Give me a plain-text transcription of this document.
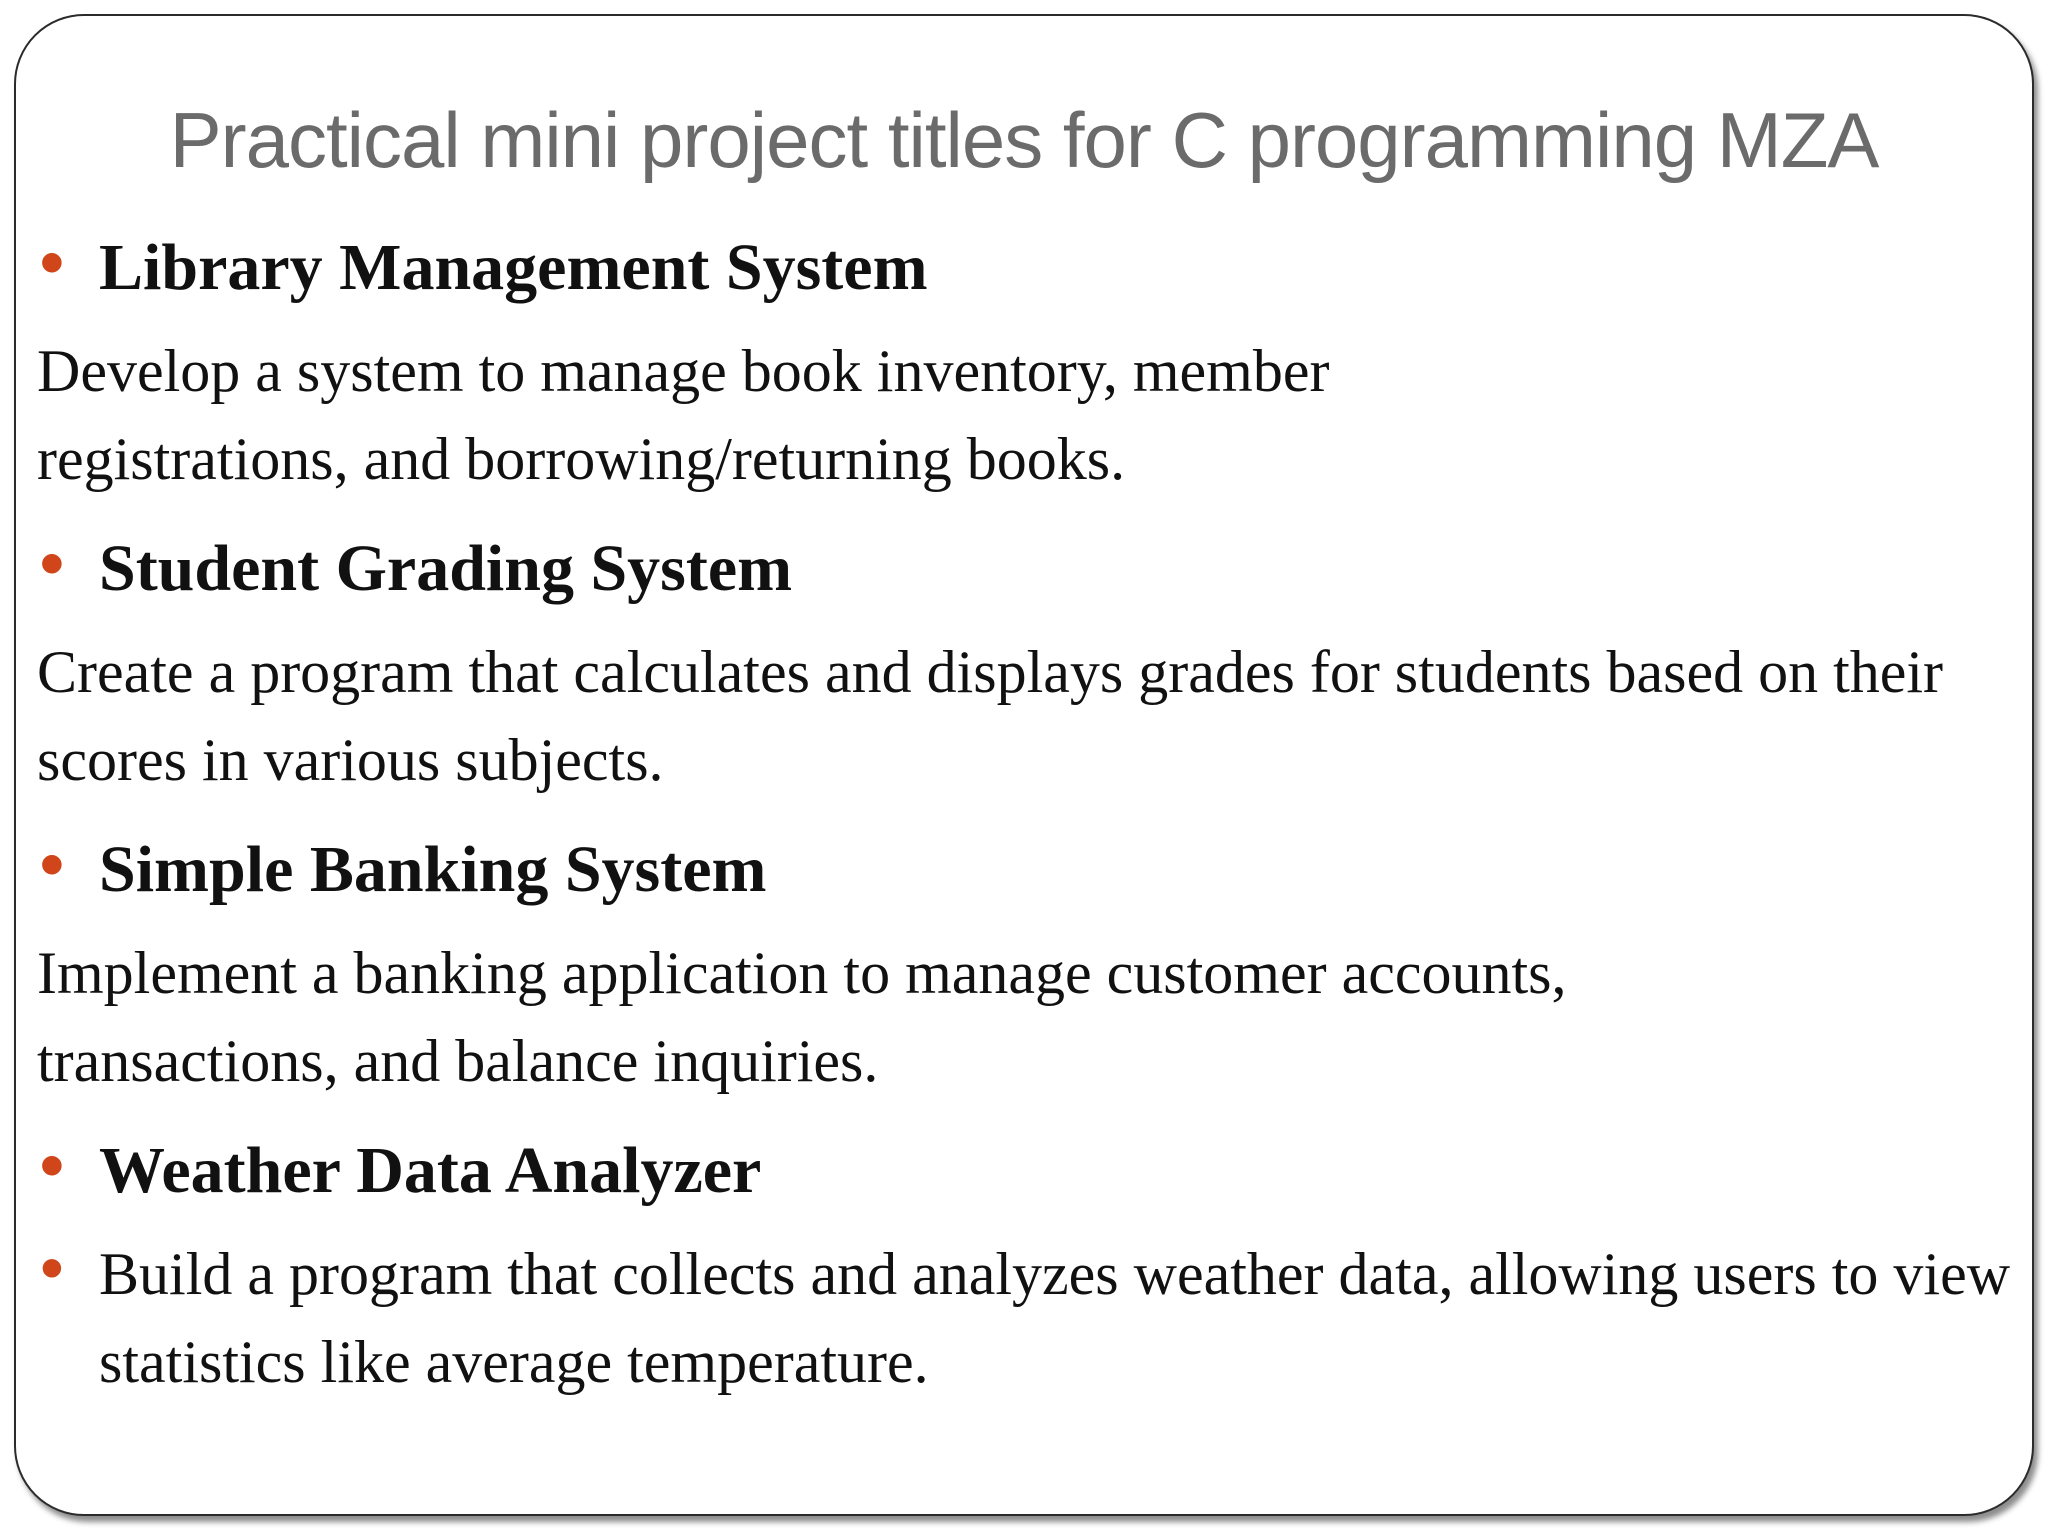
Practical mini project titles for C programming MZA
• Library Management System
Develop a system to manage book inventory, member registrations, and borrowing/returning books.
• Student Grading System
Create a program that calculates and displays grades for students based on their scores in various subjects.
• Simple Banking System
Implement a banking application to manage customer accounts, transactions, and balance inquiries.
• Weather Data Analyzer
• Build a program that collects and analyzes weather data, allowing users to view statistics like average temperature.
